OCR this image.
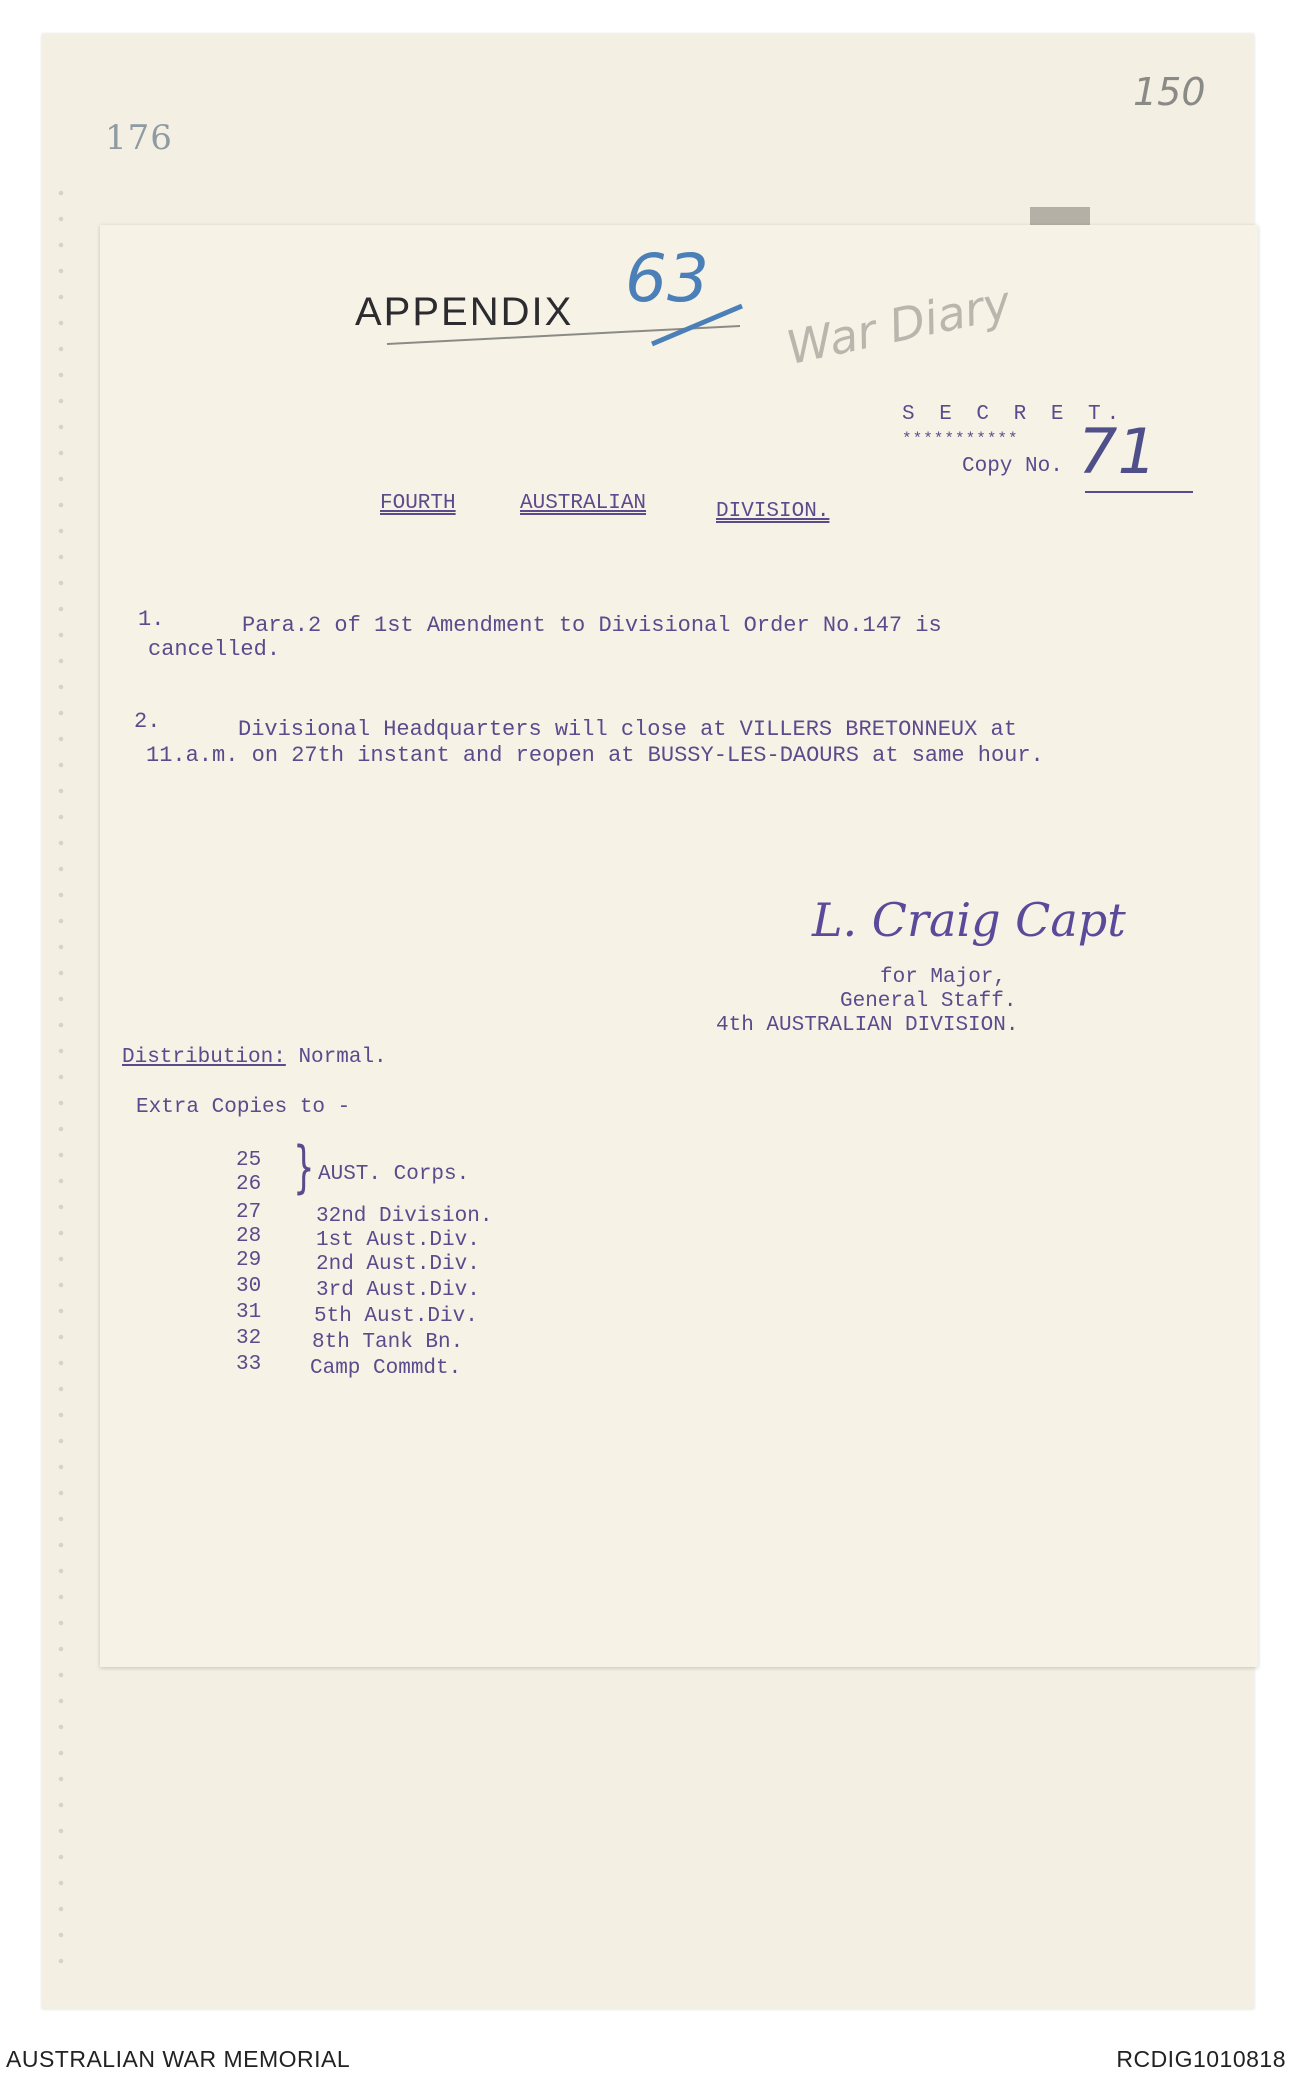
176
150
APPENDIX 63 War Diary
S E C R E T.
***********
Copy No. 71
FOURTH	AUSTRALIAN	DIVISION.
1.	Para.2 of 1st Amendment to Divisional Order No.147 is
cancelled.
2.	Divisional Headquarters will close at VILLERS BRETONNEUX at
11.a.m. on 27th instant and reopen at BUSSY-LES-DAOURS at same hour.
L. Craig Capt
for Major,
General Staff.
4th AUSTRALIAN DIVISION.
Distribution: Normal.
Extra Copies to -
}
25
26	AUST. Corps.
27	32nd Division.
28	1st Aust.Div.
29	2nd Aust.Div.
30	3rd Aust.Div.
31	5th Aust.Div.
32 8th Tank Bn.
33 Camp Commdt.
AUSTRALIAN WAR MEMORIAL	RCDIG1010818
